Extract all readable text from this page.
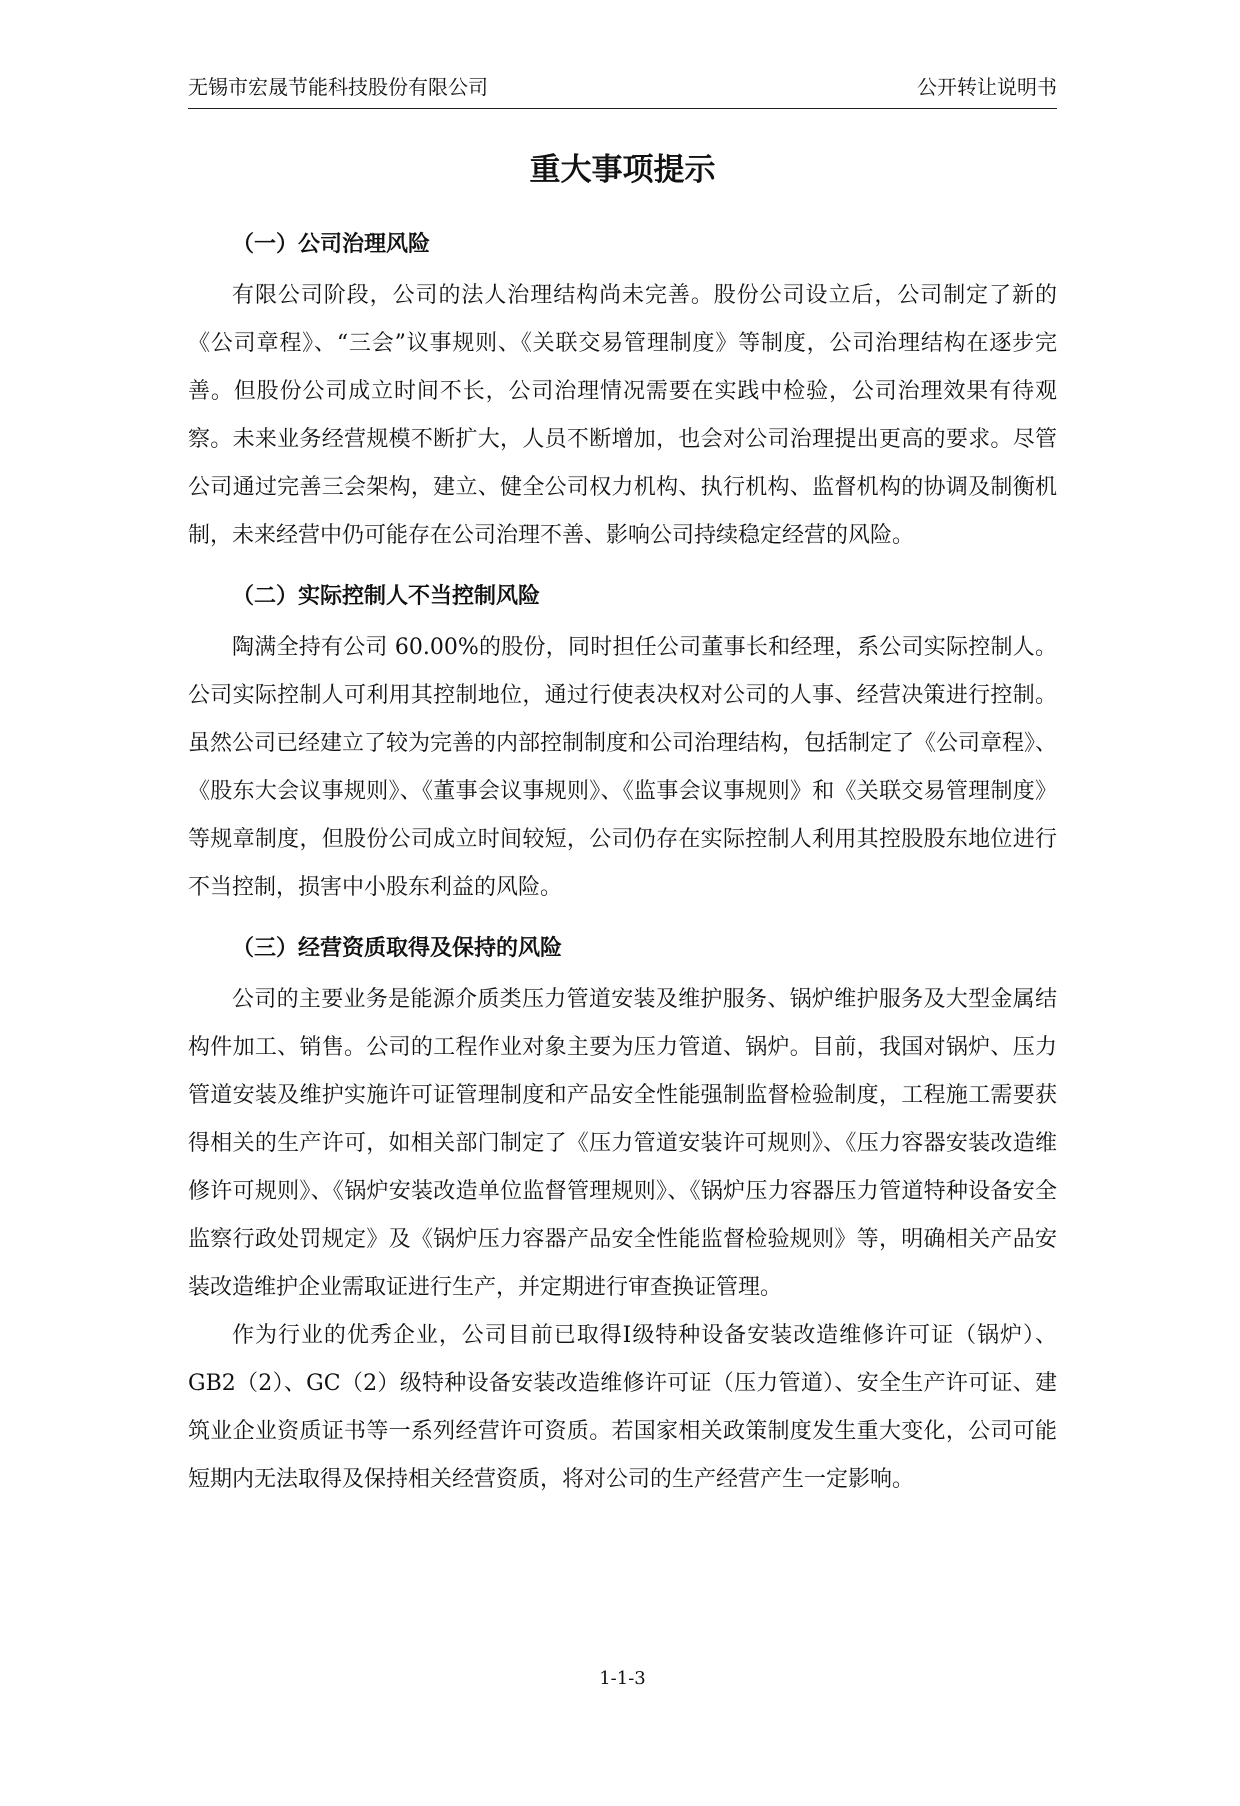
无锡市宏晟节能科技股份有限公司	公开转让说明书
重大事项提示

（一）公司治理风险

有限公司阶段，公司的法人治理结构尚未完善。股份公司设立后，公司制定了新的《公司章程》、“三会”议事规则、《关联交易管理制度》等制度，公司治理结构在逐步完善。但股份公司成立时间不长，公司治理情况需要在实践中检验，公司治理效果有待观察。未来业务经营规模不断扩大，人员不断增加，也会对公司治理提出更高的要求。尽管公司通过完善三会架构，建立、健全公司权力机构、执行机构、监督机构的协调及制衡机制，未来经营中仍可能存在公司治理不善、影响公司持续稳定经营的风险。

（二）实际控制人不当控制风险

陶满全持有公司 60.00%的股份，同时担任公司董事长和经理，系公司实际控制人。公司实际控制人可利用其控制地位，通过行使表决权对公司的人事、经营决策进行控制。虽然公司已经建立了较为完善的内部控制制度和公司治理结构，包括制定了《公司章程》、《股东大会议事规则》、《董事会议事规则》、《监事会议事规则》和《关联交易管理制度》等规章制度，但股份公司成立时间较短，公司仍存在实际控制人利用其控股股东地位进行不当控制，损害中小股东利益的风险。

（三）经营资质取得及保持的风险

公司的主要业务是能源介质类压力管道安装及维护服务、锅炉维护服务及大型金属结构件加工、销售。公司的工程作业对象主要为压力管道、锅炉。目前，我国对锅炉、压力管道安装及维护实施许可证管理制度和产品安全性能强制监督检验制度，工程施工需要获得相关的生产许可，如相关部门制定了《压力管道安装许可规则》、《压力容器安装改造维修许可规则》、《锅炉安装改造单位监督管理规则》、《锅炉压力容器压力管道特种设备安全监察行政处罚规定》及《锅炉压力容器产品安全性能监督检验规则》等，明确相关产品安装改造维护企业需取证进行生产，并定期进行审查换证管理。

作为行业的优秀企业，公司目前已取得Ⅰ级特种设备安装改造维修许可证（锅炉）、GB2（2）、GC（2）级特种设备安装改造维修许可证（压力管道）、安全生产许可证、建筑业企业资质证书等一系列经营许可资质。若国家相关政策制度发生重大变化，公司可能短期内无法取得及保持相关经营资质，将对公司的生产经营产生一定影响。

1-1-3
